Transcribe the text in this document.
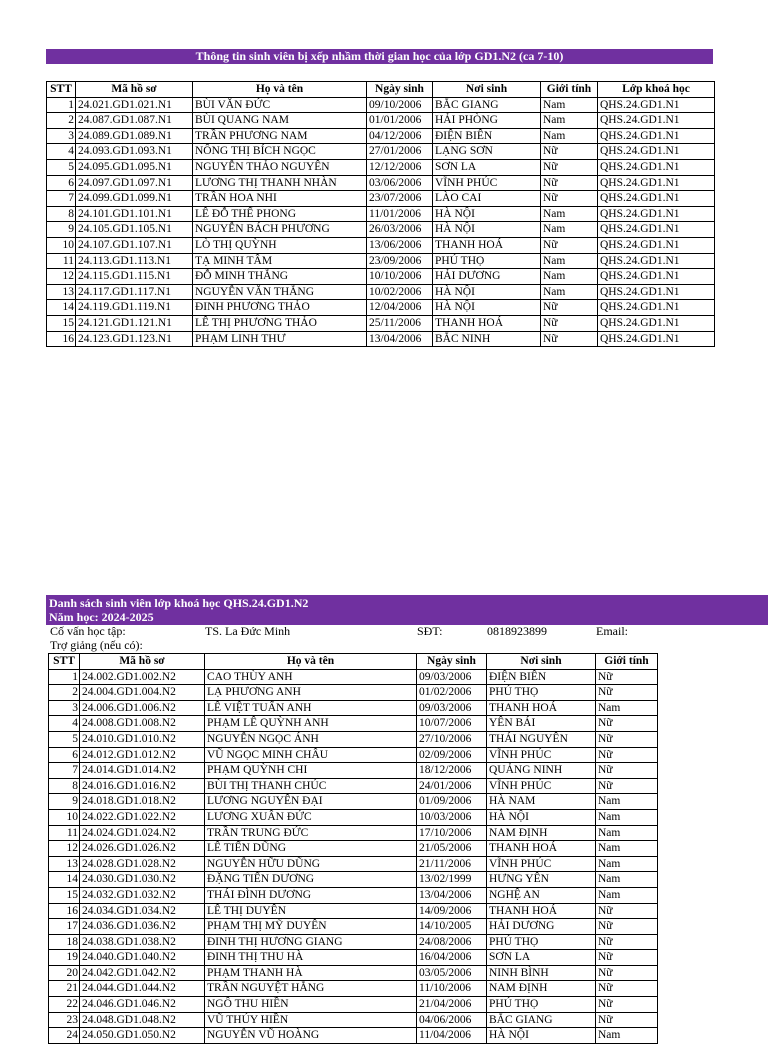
Thông tin sinh viên bị xếp nhầm thời gian học của lớp GD1.N2 (ca 7-10)
STT	Mã hồ sơ	Họ và tên	Ngày sinh	Nơi sinh	Giới tính	Lớp khoá học
1	24.021.GD1.021.N1	BÙI VĂN ĐỨC	09/10/2006	BẮC GIANG	Nam	QHS.24.GD1.N1
2	24.087.GD1.087.N1	BÙI QUANG NAM	01/01/2006	HẢI PHÒNG	Nam	QHS.24.GD1.N1
3	24.089.GD1.089.N1	TRẦN PHƯƠNG NAM	04/12/2006	ĐIỆN BIÊN	Nam	QHS.24.GD1.N1
4	24.093.GD1.093.N1	NÔNG THỊ BÍCH NGỌC	27/01/2006	LẠNG SƠN	Nữ	QHS.24.GD1.N1
5	24.095.GD1.095.N1	NGUYỄN THẢO NGUYÊN	12/12/2006	SƠN LA	Nữ	QHS.24.GD1.N1
6	24.097.GD1.097.N1	LƯƠNG THỊ THANH NHÀN	03/06/2006	VĨNH PHÚC	Nữ	QHS.24.GD1.N1
7	24.099.GD1.099.N1	TRẦN HOA NHI	23/07/2006	LÀO CAI	Nữ	QHS.24.GD1.N1
8	24.101.GD1.101.N1	LÊ ĐỖ THẾ PHONG	11/01/2006	HÀ NỘI	Nam	QHS.24.GD1.N1
9	24.105.GD1.105.N1	NGUYỄN BÁCH PHƯƠNG	26/03/2006	HÀ NỘI	Nam	QHS.24.GD1.N1
10	24.107.GD1.107.N1	LÒ THỊ QUỲNH	13/06/2006	THANH HOÁ	Nữ	QHS.24.GD1.N1
11	24.113.GD1.113.N1	TẠ MINH TÂM	23/09/2006	PHÚ THỌ	Nam	QHS.24.GD1.N1
12	24.115.GD1.115.N1	ĐỖ MINH THẮNG	10/10/2006	HẢI DƯƠNG	Nam	QHS.24.GD1.N1
13	24.117.GD1.117.N1	NGUYỄN VĂN THẮNG	10/02/2006	HÀ NỘI	Nam	QHS.24.GD1.N1
14	24.119.GD1.119.N1	ĐINH PHƯƠNG THẢO	12/04/2006	HÀ NỘI	Nữ	QHS.24.GD1.N1
15	24.121.GD1.121.N1	LÊ THỊ PHƯƠNG THẢO	25/11/2006	THANH HOÁ	Nữ	QHS.24.GD1.N1
16	24.123.GD1.123.N1	PHẠM LINH THƯ	13/04/2006	BẮC NINH	Nữ	QHS.24.GD1.N1
Danh sách sinh viên lớp khoá học QHS.24.GD1.N2
Năm học: 2024-2025
Cố vấn học tập:	TS. La Đức Minh	SĐT:	0818923899	Email:
Trợ giảng (nếu có):
STT	Mã hồ sơ	Họ và tên	Ngày sinh	Nơi sinh	Giới tính
1	24.002.GD1.002.N2	CAO THÙY ANH	09/03/2006	ĐIỆN BIÊN	Nữ
2	24.004.GD1.004.N2	LẠ PHƯƠNG ANH	01/02/2006	PHÚ THỌ	Nữ
3	24.006.GD1.006.N2	LÊ VIỆT TUẤN ANH	09/03/2006	THANH HOÁ	Nam
4	24.008.GD1.008.N2	PHẠM LÊ QUỲNH ANH	10/07/2006	YÊN BÁI	Nữ
5	24.010.GD1.010.N2	NGUYỄN NGỌC ÁNH	27/10/2006	THÁI NGUYÊN	Nữ
6	24.012.GD1.012.N2	VŨ NGỌC MINH CHÂU	02/09/2006	VĨNH PHÚC	Nữ
7	24.014.GD1.014.N2	PHẠM QUỲNH CHI	18/12/2006	QUẢNG NINH	Nữ
8	24.016.GD1.016.N2	BÙI THỊ THANH CHÚC	24/01/2006	VĨNH PHÚC	Nữ
9	24.018.GD1.018.N2	LƯƠNG NGUYÊN ĐẠI	01/09/2006	HÀ NAM	Nam
10	24.022.GD1.022.N2	LƯƠNG XUÂN ĐỨC	10/03/2006	HÀ NỘI	Nam
11	24.024.GD1.024.N2	TRẦN TRUNG ĐỨC	17/10/2006	NAM ĐỊNH	Nam
12	24.026.GD1.026.N2	LÊ TIẾN DŨNG	21/05/2006	THANH HOÁ	Nam
13	24.028.GD1.028.N2	NGUYỄN HỮU DŨNG	21/11/2006	VĨNH PHÚC	Nam
14	24.030.GD1.030.N2	ĐẶNG TIẾN DƯƠNG	13/02/1999	HƯNG YÊN	Nam
15	24.032.GD1.032.N2	THÁI ĐÌNH DƯƠNG	13/04/2006	NGHỆ AN	Nam
16	24.034.GD1.034.N2	LÊ THỊ DUYÊN	14/09/2006	THANH HOÁ	Nữ
17	24.036.GD1.036.N2	PHẠM THỊ MỸ DUYÊN	14/10/2005	HẢI DƯƠNG	Nữ
18	24.038.GD1.038.N2	ĐINH THỊ HƯƠNG GIANG	24/08/2006	PHÚ THỌ	Nữ
19	24.040.GD1.040.N2	ĐINH THỊ THU HÀ	16/04/2006	SƠN LA	Nữ
20	24.042.GD1.042.N2	PHẠM THANH HÀ	03/05/2006	NINH BÌNH	Nữ
21	24.044.GD1.044.N2	TRẦN NGUYỆT HẰNG	11/10/2006	NAM ĐỊNH	Nữ
22	24.046.GD1.046.N2	NGÔ THU HIỀN	21/04/2006	PHÚ THỌ	Nữ
23	24.048.GD1.048.N2	VŨ THÚY HIỀN	04/06/2006	BẮC GIANG	Nữ
24	24.050.GD1.050.N2	NGUYỄN VŨ HOÀNG	11/04/2006	HÀ NỘI	Nam
